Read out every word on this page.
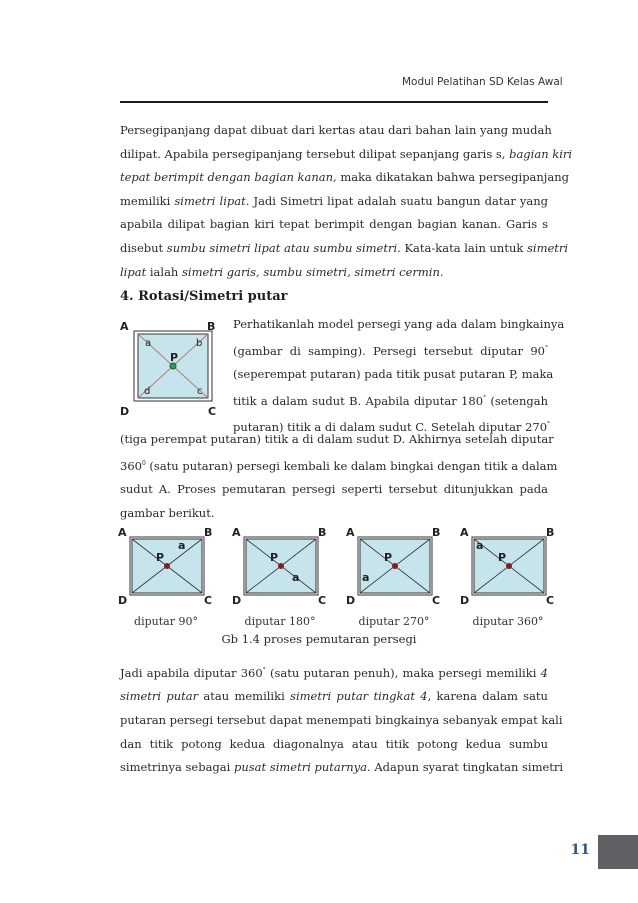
Modul Pelatihan SD Kelas Awal
Persegipanjang dapat dibuat dari kertas atau dari bahan lain yang mudah
dilipat. Apabila persegipanjang tersebut dilipat sepanjang garis s, bagian kiri
tepat berimpit dengan bagian kanan, maka dikatakan bahwa persegipanjang
memiliki simetri lipat. Jadi Simetri lipat adalah suatu bangun datar yang
apabila dilipat bagian kiri tepat berimpit dengan bagian kanan. Garis s
disebut sumbu simetri lipat atau sumbu simetri. Kata-kata lain untuk simetri
lipat ialah simetri garis, sumbu simetri, simetri cermin.
4. Rotasi/Simetri putar
A	B
C
D
a	b
c
d
P
Perhatikanlah model persegi yang ada dalam bingkainya
(gambar di samping). Persegi tersebut diputar 90°
(seperempat putaran) pada titik pusat putaran P, maka
titik a dalam sudut B. Apabila diputar 180° (setengah
putaran) titik a di dalam sudut C. Setelah diputar 270°
(tiga perempat putaran) titik a di dalam sudut D. Akhirnya setelah diputar
$360^0$ (satu putaran) persegi kembali ke dalam bingkai dengan titik a dalam
sudut A. Proses pemutaran persegi seperti tersebut ditunjukkan pada
gambar berikut.
A	B
C
D
P
a
diputar 90°
A	B
C
D
P
a
diputar 180°
A	B
C
D
P
a
diputar 270°
A	B
C
D
P
a
diputar 360°
Gb 1.4 proses pemutaran persegi
Jadi apabila diputar 360° (satu putaran penuh), maka persegi memiliki 4
simetri putar atau memiliki simetri putar tingkat 4, karena dalam satu
putaran persegi tersebut dapat menempati bingkainya sebanyak empat kali
dan titik potong kedua diagonalnya atau titik potong kedua sumbu
simetrinya sebagai pusat simetri putarnya. Adapun syarat tingkatan simetri
11
